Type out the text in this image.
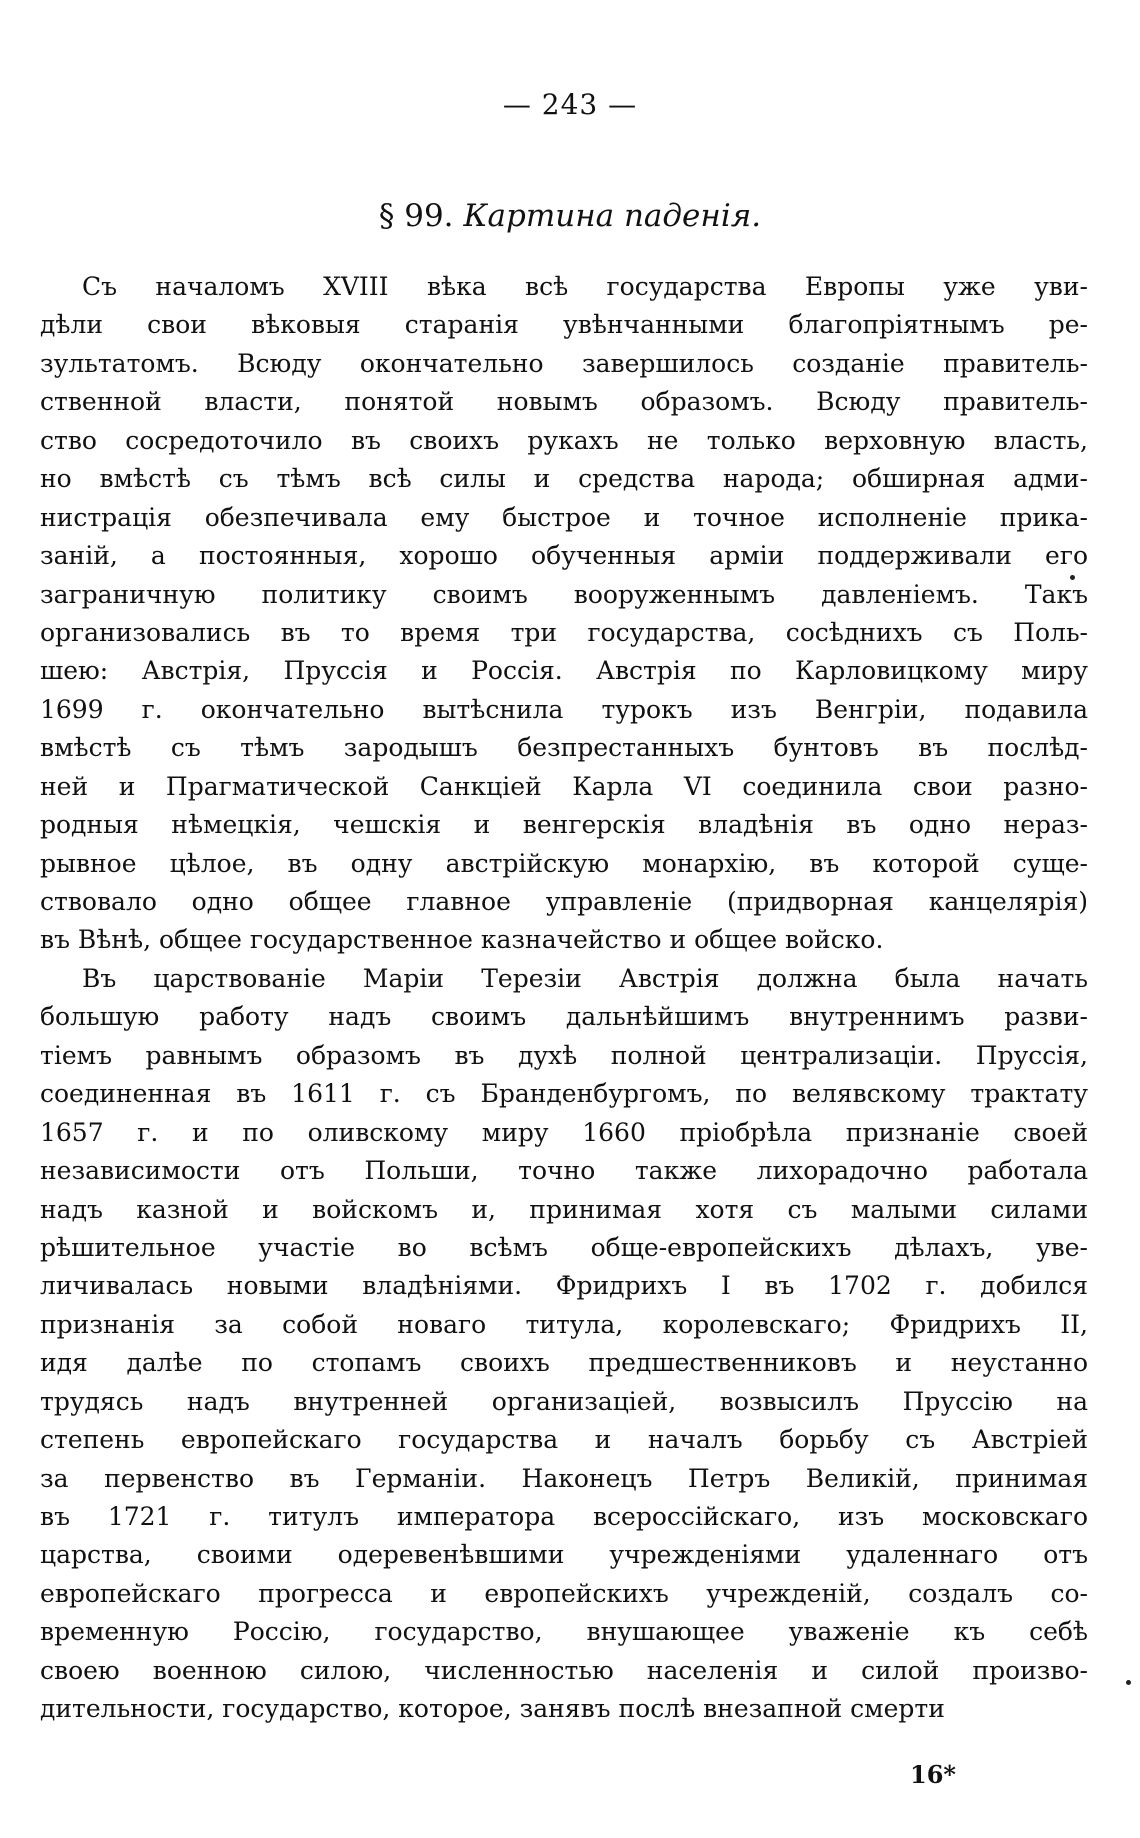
— 243 —
§ 99. Картина паденія.
Съ началомъ XVIII вѣка всѣ государства Европы уже уви-
дѣли свои вѣковыя старанія увѣнчанными благопріятнымъ ре-
зультатомъ. Всюду окончательно завершилось созданіе правитель-
ственной власти, понятой новымъ образомъ. Всюду правитель-
ство сосредоточило въ своихъ рукахъ не только верховную власть,
но вмѣстѣ съ тѣмъ всѣ силы и средства народа; обширная адми-
нистрація обезпечивала ему быстрое и точное исполненіе прика-
заній, а постоянныя, хорошо обученныя арміи поддерживали его
заграничную политику своимъ вооруженнымъ давленіемъ. Такъ
организовались въ то время три государства, сосѣднихъ съ Поль-
шею: Австрія, Пруссія и Россія. Австрія по Карловицкому миру
1699 г. окончательно вытѣснила турокъ изъ Венгріи, подавила
вмѣстѣ съ тѣмъ зародышъ безпрестанныхъ бунтовъ въ послѣд-
ней и Прагматической Санкціей Карла VI соединила свои разно-
родныя нѣмецкія, чешскія и венгерскія владѣнія въ одно нераз-
рывное цѣлое, въ одну австрійскую монархію, въ которой суще-
ствовало одно общее главное управленіе (придворная канцелярія)
въ Вѣнѣ, общее государственное казначейство и общее войско.
Въ царствованіе Маріи Терезіи Австрія должна была начать
большую работу надъ своимъ дальнѣйшимъ внутреннимъ разви-
тіемъ равнымъ образомъ въ духѣ полной централизаціи. Пруссія,
соединенная въ 1611 г. съ Бранденбургомъ, по велявскому трактату
1657 г. и по оливскому миру 1660 пріобрѣла признаніе своей
независимости отъ Польши, точно также лихорадочно работала
надъ казной и войскомъ и, принимая хотя съ малыми силами
рѣшительное участіе во всѣмъ обще-европейскихъ дѣлахъ, уве-
личивалась новыми владѣніями. Фридрихъ I въ 1702 г. добился
признанія за собой новаго титула, королевскаго; Фридрихъ II,
идя далѣе по стопамъ своихъ предшественниковъ и неустанно
трудясь надъ внутренней организаціей, возвысилъ Пруссію на
степень европейскаго государства и началъ борьбу съ Австріей
за первенство въ Германіи. Наконецъ Петръ Великій, принимая
въ 1721 г. титулъ императора всероссійскаго, изъ московскаго
царства, своими одеревенѣвшими учрежденіями удаленнаго отъ
европейскаго прогресса и европейскихъ учрежденій, создалъ со-
временную Россію, государство, внушающее уваженіе къ себѣ
своею военною силою, численностью населенія и силой произво-
дительности, государство, которое, занявъ послѣ внезапной смерти
16*
